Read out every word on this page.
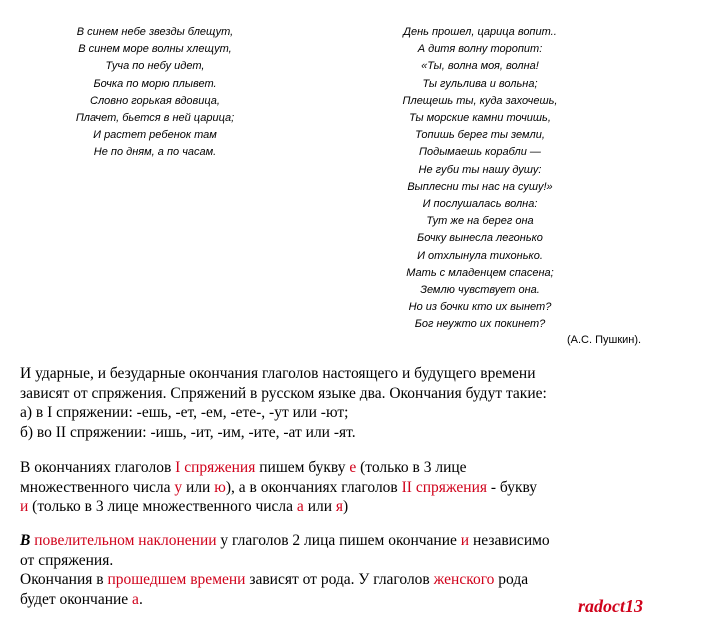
В синем небе звезды блещут,
В синем море волны хлещут,
Туча по небу идет,
Бочка по морю плывет.
Словно горькая вдовица,
Плачет, бьется в ней царица;
И растет ребенок там
Не по дням, а по часам.
День прошел, царица вопит..
А дитя волну торопит:
«Ты, волна моя, волна!
Ты гульлива и вольна;
Плещешь ты, куда захочешь,
Ты морские камни точишь,
Топишь берег ты земли,
Подымаешь корабли —
Не губи ты нашу душу:
Выплесни ты нас на сушу!»
И послушалась волна:
Тут же на берег она
Бочку вынесла легонько
И отхлынула тихонько.
Мать с младенцем спасена;
Землю чувствует она.
Но из бочки кто их вынет?
Бог неужто их покинет?
(А.С. Пушкин).

И ударные, и безударные окончания глаголов настоящего и будущего времени

зависят от спряжения. Спряжений в русском языке два. Окончания будут такие:

а) в I спряжении: -ешь, -ет, -ем, -ете-, -ут или -ют;

б) во II спряжении: -ишь, -ит, -им, -ите, -ат или -ят.

В окончаниях глаголов I спряжения пишем букву е (только в 3 лице

множественного числа у или ю), а в окончаниях глаголов II спряжения - букву

и (только в 3 лице множественного числа а или я)

В повелительном наклонении у глаголов 2 лица пишем окончание и независимо

от спряжения.

Окончания в прошедшем времени зависят от рода. У глаголов женского рода

будет окончание а.	radoct13
